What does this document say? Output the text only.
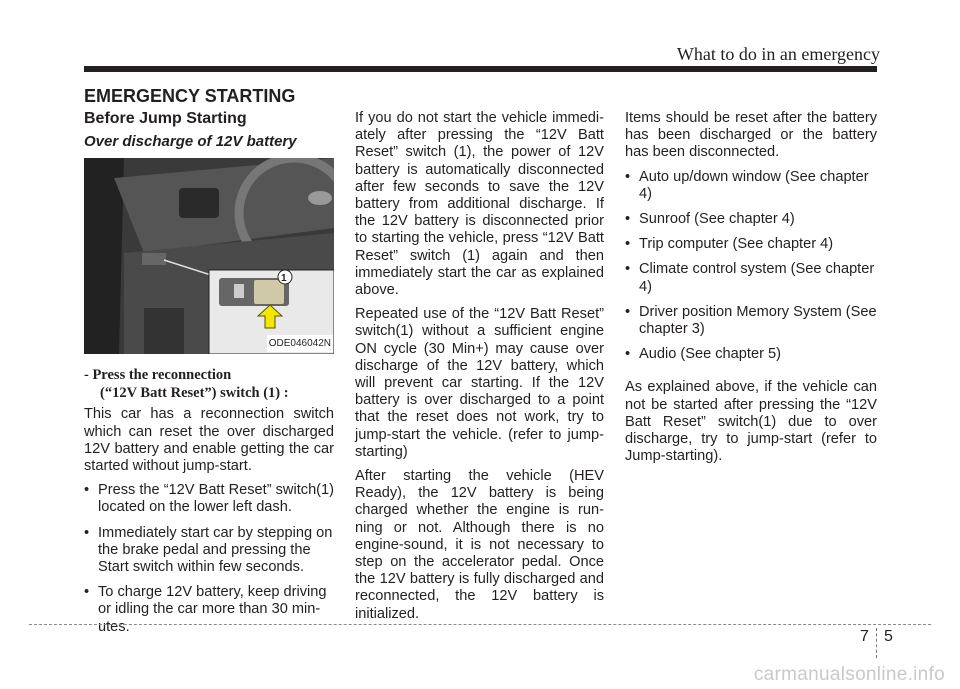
What to do in an emergency
EMERGENCY STARTING
Before Jump Starting
Over discharge of 12V battery
1
ODE046042N
- Press the reconnection
(“12V Batt Reset”) switch (1) :

This car has a reconnection switch which can reset the over discharged 12V battery and enable getting the car started without jump-start.

• Press the “12V Batt Reset” switch(1) located on the lower left dash.
• Immediately start car by stepping on the brake pedal and pressing the Start switch within few seconds.
• To charge 12V battery, keep driving or idling the car more than 30 min-utes.

If you do not start the vehicle immedi-ately after pressing the “12V Batt Reset” switch (1), the power of 12V battery is automatically disconnected after few seconds to save the 12V battery from additional discharge. If the 12V battery is disconnected prior to starting the vehicle, press “12V Batt Reset” switch (1) again and then immediately start the car as explained above.

Repeated use of the “12V Batt Reset” switch(1) without a sufficient engine ON cycle (30 Min+) may cause over discharge of the 12V battery, which will prevent car starting. If the 12V battery is over discharged to a point that the reset does not work, try to jump-start the vehicle. (refer to jump-starting)

After starting the vehicle (HEV Ready), the 12V battery is being charged whether the engine is run-ning or not. Although there is no engine-sound, it is not necessary to step on the accelerator pedal. Once the 12V battery is fully discharged and reconnected, the 12V battery is initialized.

Items should be reset after the battery has been discharged or the battery has been disconnected.

• Auto up/down window (See chapter 4)
• Sunroof (See chapter 4)
• Trip computer (See chapter 4)
• Climate control system (See chapter 4)
• Driver position Memory System (See chapter 3)
• Audio (See chapter 5)

As explained above, if the vehicle can not be started after pressing the “12V Batt Reset” switch(1) due to over discharge, try to jump-start (refer to Jump-starting).

7 5
carmanualsonline.info
